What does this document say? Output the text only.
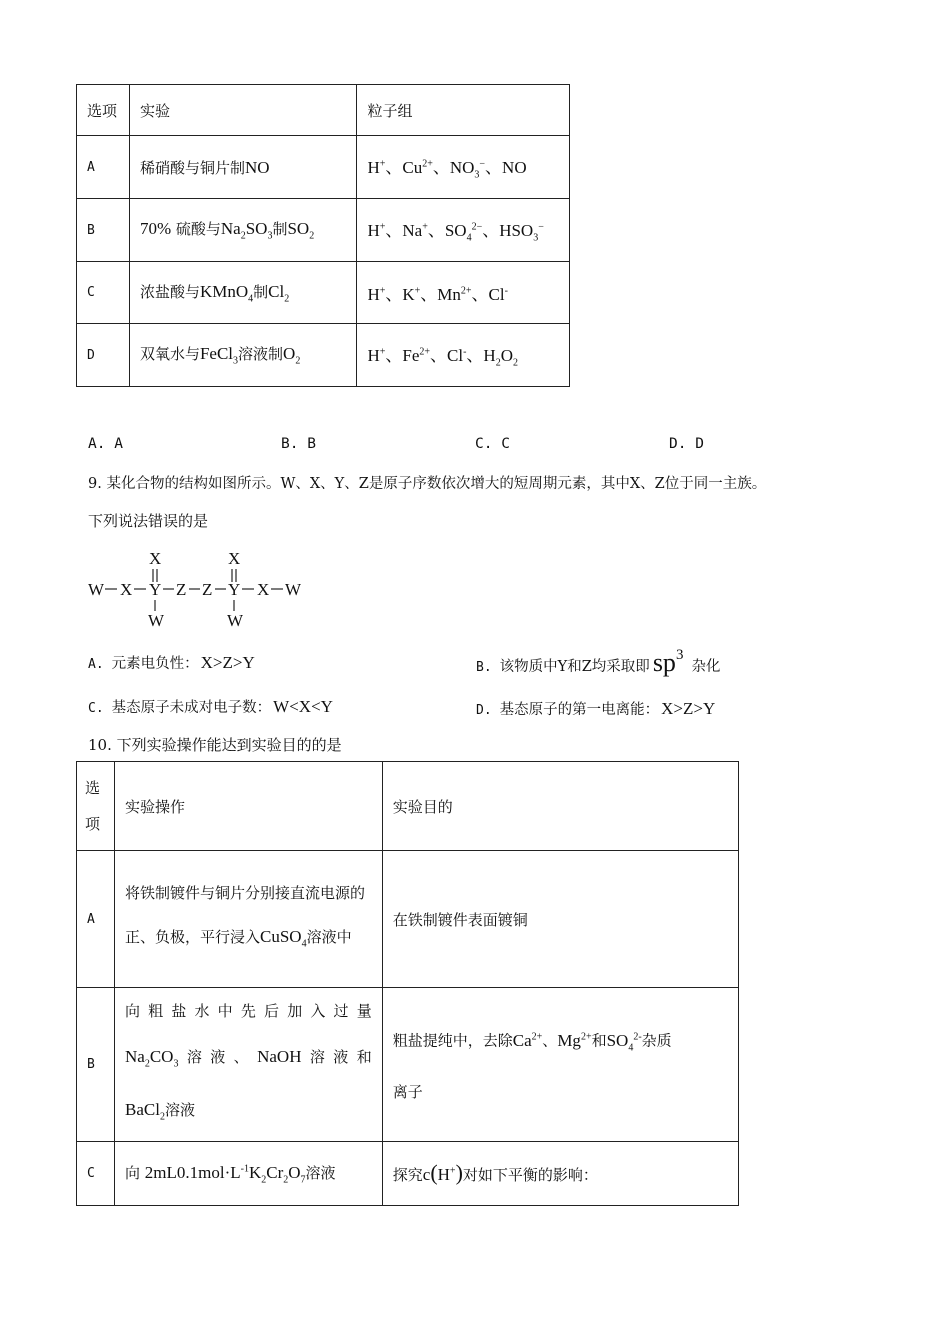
选项	实验	粒子组
A	稀硝酸与铜片制NO	H+、$Cu^{2+}$、$NO_3^-$、NO
B	70% 硫酸与$Na_2SO_3$制$SO_2$	H+、Na+、$SO_4^{2-}$、$HSO_3^-$
C	浓盐酸与KMnO$_4$制$Cl_2$	H+、K+、$Mn^{2+}$、Cl-
D	双氧水与FeCl$_3$溶液制$O_2$	H+、$Fe^{2+}$、Cl-、$H_2O_2$
A. A	B. B	C. C	D. D
9. 某化合物的结构如图所示。W、X、Y、Z是原子序数依次增大的短周期元素，其中X、Z位于同一主族。
下列说法错误的是
X	X
W X Y Z Z Y X W
W	W
A. 元素电负性： X>Z>Y	B. 该物质中Y和Z均采取即 $sp^3$杂化
C. 基态原子未成对电子数： W<X<Y	D. 基态原子的第一电离能： X>Z>Y
10. 下列实验操作能达到实验目的的是
选项	实验操作	实验目的
A	将铁制镀件与铜片分别接直流电源的正、负极，平行浸入CuSO$_4$溶液中	在铁制镀件表面镀铜
B	向粗盐水中先后加入过量
$Na_2CO_3$溶液、NaOH溶液和
BaCl$_2$溶液	粗盐提纯中，去除$Ca^{2+}$、$Mg^{2+}$和$SO_4^{2-}$杂质
离子
C	向 $2mL0.1mol\cdot L^{-1}K_2Cr_2O_7$溶液	探究c(H+)对如下平衡的影响：
